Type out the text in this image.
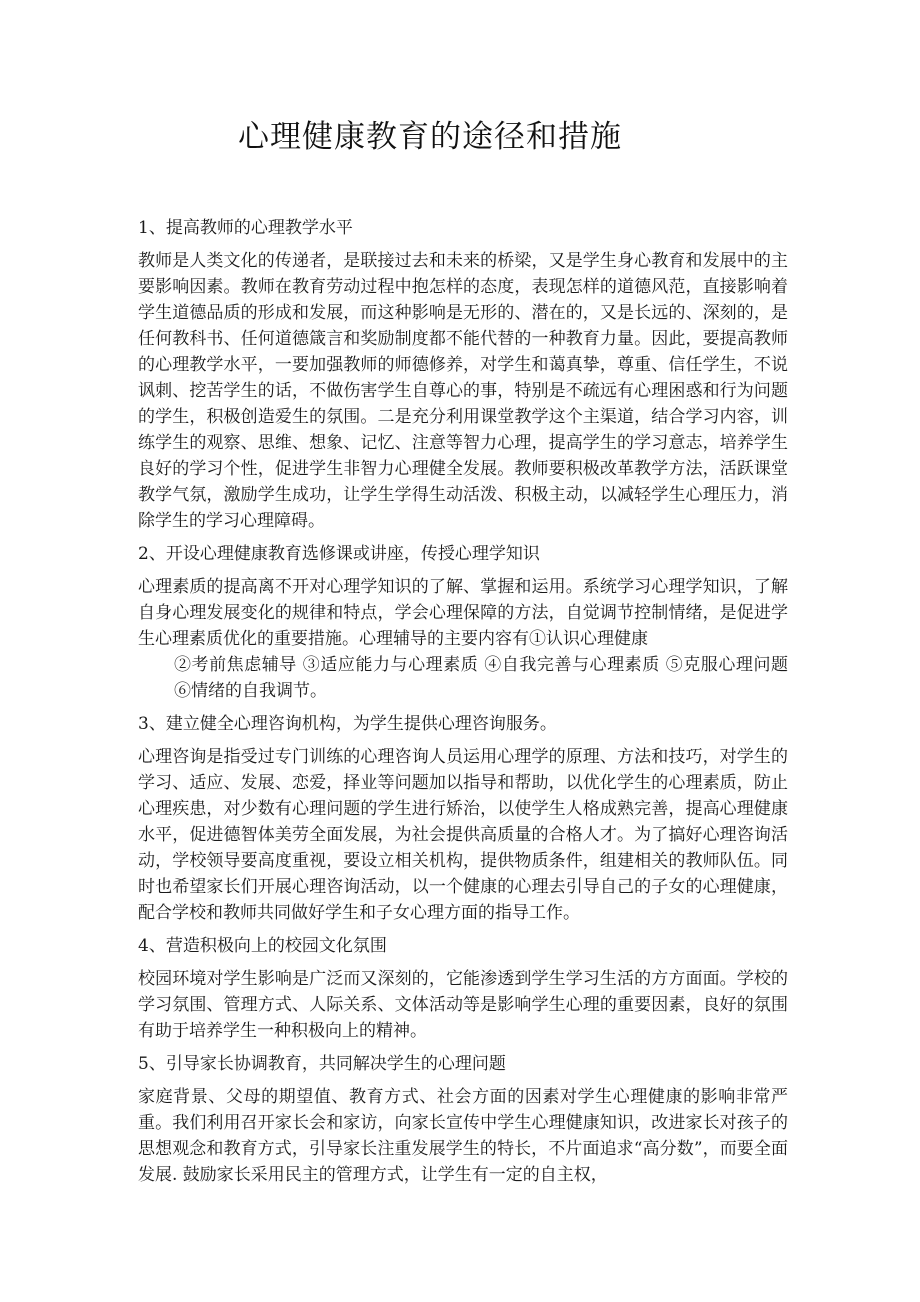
心理健康教育的途径和措施

1、提高教师的心理教学水平

教师是人类文化的传递者，是联接过去和未来的桥梁，又是学生身心教育和发展中的主要影响因素。教师在教育劳动过程中抱怎样的态度，表现怎样的道德风范，直接影响着学生道德品质的形成和发展，而这种影响是无形的、潜在的，又是长远的、深刻的，是任何教科书、任何道德箴言和奖励制度都不能代替的一种教育力量。因此，要提高教师的心理教学水平，一要加强教师的师德修养，对学生和蔼真挚，尊重、信任学生，不说讽刺、挖苦学生的话，不做伤害学生自尊心的事，特别是不疏远有心理困惑和行为问题的学生，积极创造爱生的氛围。二是充分利用课堂教学这个主渠道，结合学习内容，训练学生的观察、思维、想象、记忆、注意等智力心理，提高学生的学习意志，培养学生良好的学习个性，促进学生非智力心理健全发展。教师要积极改革教学方法，活跃课堂教学气氛，激励学生成功，让学生学得生动活泼、积极主动，以减轻学生心理压力，消除学生的学习心理障碍。

2、开设心理健康教育选修课或讲座，传授心理学知识

心理素质的提高离不开对心理学知识的了解、掌握和运用。系统学习心理学知识，了解自身心理发展变化的规律和特点，学会心理保障的方法，自觉调节控制情绪，是促进学生心理素质优化的重要措施。心理辅导的主要内容有①认识心理健康

②考前焦虑辅导 ③适应能力与心理素质 ④自我完善与心理素质 ⑤克服心理问题 ⑥情绪的自我调节。

3、建立健全心理咨询机构，为学生提供心理咨询服务。

心理咨询是指受过专门训练的心理咨询人员运用心理学的原理、方法和技巧，对学生的学习、适应、发展、恋爱，择业等问题加以指导和帮助，以优化学生的心理素质，防止心理疾患，对少数有心理问题的学生进行矫治，以使学生人格成熟完善，提高心理健康水平，促进德智体美劳全面发展，为社会提供高质量的合格人才。为了搞好心理咨询活动，学校领导要高度重视，要设立相关机构，提供物质条件，组建相关的教师队伍。同时也希望家长们开展心理咨询活动，以一个健康的心理去引导自己的子女的心理健康，配合学校和教师共同做好学生和子女心理方面的指导工作。

4、营造积极向上的校园文化氛围

校园环境对学生影响是广泛而又深刻的，它能渗透到学生学习生活的方方面面。学校的学习氛围、管理方式、人际关系、文体活动等是影响学生心理的重要因素，良好的氛围有助于培养学生一种积极向上的精神。

5、引导家长协调教育，共同解决学生的心理问题

家庭背景、父母的期望值、教育方式、社会方面的因素对学生心理健康的影响非常严重。我们利用召开家长会和家访，向家长宣传中学生心理健康知识，改进家长对孩子的思想观念和教育方式，引导家长注重发展学生的特长，不片面追求“高分数”，而要全面发展. 鼓励家长采用民主的管理方式，让学生有一定的自主权，
